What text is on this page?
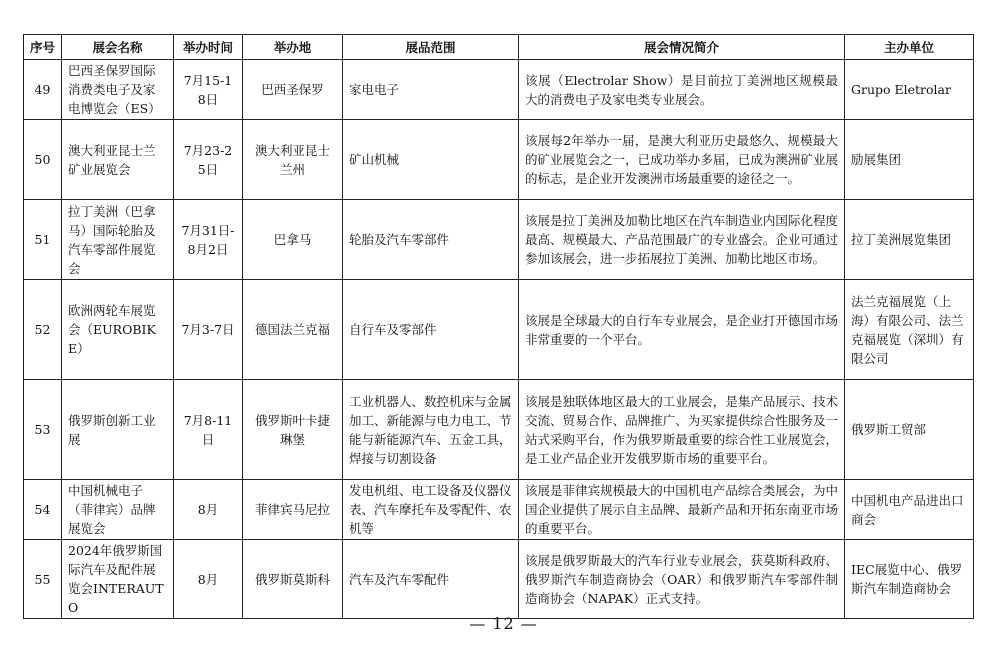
序号	展会名称	举办时间	举办地	展品范围	展会情况简介	主办单位
49	巴西圣保罗国际消费类电子及家电博览会（ES）	7月15-18日	巴西圣保罗	家电电子	该展（Electrolar Show）是目前拉丁美洲地区规模最大的消费电子及家电类专业展会。	Grupo Eletrolar
50	澳大利亚昆士兰矿业展览会	7月23-25日	澳大利亚昆士兰州	矿山机械	该展每2年举办一届，是澳大利亚历史最悠久、规模最大的矿业展览会之一，已成功举办多届，已成为澳洲矿业展的标志，是企业开发澳洲市场最重要的途径之一。	励展集团
51	拉丁美洲（巴拿马）国际轮胎及汽车零部件展览会	7月31日-8月2日	巴拿马	轮胎及汽车零部件	该展是拉丁美洲及加勒比地区在汽车制造业内国际化程度最高、规模最大、产品范围最广的专业盛会。企业可通过参加该展会，进一步拓展拉丁美洲、加勒比地区市场。	拉丁美洲展览集团
52	欧洲两轮车展览会（EUROBIKE）	7月3-7日	德国法兰克福	自行车及零部件	该展是全球最大的自行车专业展会，是企业打开德国市场非常重要的一个平台。	法兰克福展览（上海）有限公司、法兰克福展览（深圳）有限公司
53	俄罗斯创新工业展	7月8-11日	俄罗斯叶卡捷琳堡	工业机器人、数控机床与金属加工、新能源与电力电工、节能与新能源汽车、五金工具，焊接与切割设备	该展是独联体地区最大的工业展会，是集产品展示、技术交流、贸易合作、品牌推广、为买家提供综合性服务及一站式采购平台，作为俄罗斯最重要的综合性工业展览会，是工业产品企业开发俄罗斯市场的重要平台。	俄罗斯工贸部
54	中国机械电子（菲律宾）品牌展览会	8月	菲律宾马尼拉	发电机组、电工设备及仪器仪表、汽车摩托车及零配件、农机等	该展是菲律宾规模最大的中国机电产品综合类展会，为中国企业提供了展示自主品牌、最新产品和开拓东南亚市场的重要平台。	中国机电产品进出口商会
55	2024年俄罗斯国际汽车及配件展览会INTERAUTO	8月	俄罗斯莫斯科	汽车及汽车零配件	该展是俄罗斯最大的汽车行业专业展会，获莫斯科政府、俄罗斯汽车制造商协会（OAR）和俄罗斯汽车零部件制造商协会（NAPAK）正式支持。	IEC展览中心、俄罗斯汽车制造商协会
— 12 —
